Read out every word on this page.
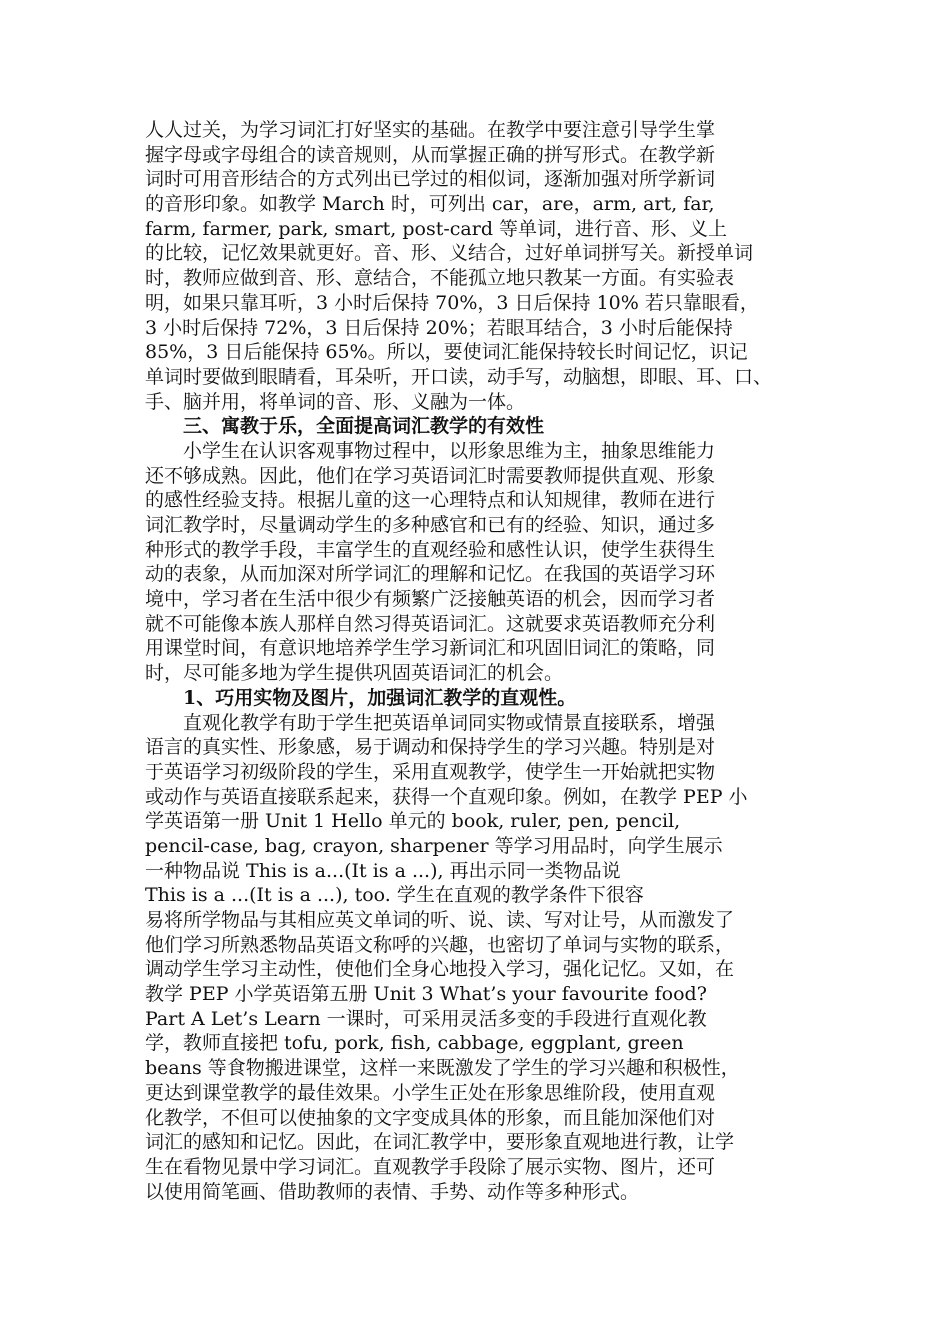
人人过关，为学习词汇打好坚实的基础。在教学中要注意引导学生掌
握字母或字母组合的读音规则，从而掌握正确的拼写形式。在教学新
词时可用音形结合的方式列出已学过的相似词，逐渐加强对所学新词
的音形印象。如教学 March 时，可列出 car，are，arm, art, far,
farm, farmer, park, smart, post-card 等单词，进行音、形、义上
的比较，记忆效果就更好。音、形、义结合，过好单词拼写关。新授单词
时，教师应做到音、形、意结合，不能孤立地只教某一方面。有实验表
明，如果只靠耳听，3 小时后保持 70%，3 日后保持 10% 若只靠眼看，
3 小时后保持 72%，3 日后保持 20%；若眼耳结合，3 小时后能保持
85%，3 日后能保持 65%。所以，要使词汇能保持较长时间记忆，识记
单词时要做到眼睛看，耳朵听，开口读，动手写，动脑想，即眼、耳、口、
手、脑并用，将单词的音、形、义融为一体。
三、寓教于乐，全面提高词汇教学的有效性
小学生在认识客观事物过程中，以形象思维为主，抽象思维能力
还不够成熟。因此，他们在学习英语词汇时需要教师提供直观、形象
的感性经验支持。根据儿童的这一心理特点和认知规律，教师在进行
词汇教学时，尽量调动学生的多种感官和已有的经验、知识，通过多
种形式的教学手段，丰富学生的直观经验和感性认识，使学生获得生
动的表象，从而加深对所学词汇的理解和记忆。在我国的英语学习环
境中，学习者在生活中很少有频繁广泛接触英语的机会，因而学习者
就不可能像本族人那样自然习得英语词汇。这就要求英语教师充分利
用课堂时间，有意识地培养学生学习新词汇和巩固旧词汇的策略，同
时，尽可能多地为学生提供巩固英语词汇的机会。
1、巧用实物及图片，加强词汇教学的直观性。
直观化教学有助于学生把英语单词同实物或情景直接联系，增强
语言的真实性、形象感，易于调动和保持学生的学习兴趣。特别是对
于英语学习初级阶段的学生，采用直观教学，使学生一开始就把实物
或动作与英语直接联系起来，获得一个直观印象。例如，在教学 PEP 小
学英语第一册 Unit 1 Hello 单元的 book, ruler, pen, pencil,
pencil-case, bag, crayon, sharpener 等学习用品时，向学生展示
一种物品说 This is a...(It is a ...), 再出示同一类物品说
This is a ...(It is a ...), too. 学生在直观的教学条件下很容
易将所学物品与其相应英文单词的听、说、读、写对让号，从而激发了
他们学习所熟悉物品英语文称呼的兴趣，也密切了单词与实物的联系，
调动学生学习主动性，使他们全身心地投入学习，强化记忆。又如，在
教学 PEP 小学英语第五册 Unit 3 What’s your favourite food?
Part A Let’s Learn 一课时，可采用灵活多变的手段进行直观化教
学，教师直接把 tofu, pork, fish, cabbage, eggplant, green
beans 等食物搬进课堂，这样一来既激发了学生的学习兴趣和积极性，
更达到课堂教学的最佳效果。小学生正处在形象思维阶段，使用直观
化教学，不但可以使抽象的文字变成具体的形象，而且能加深他们对
词汇的感知和记忆。因此，在词汇教学中，要形象直观地进行教，让学
生在看物见景中学习词汇。直观教学手段除了展示实物、图片，还可
以使用简笔画、借助教师的表情、手势、动作等多种形式。
